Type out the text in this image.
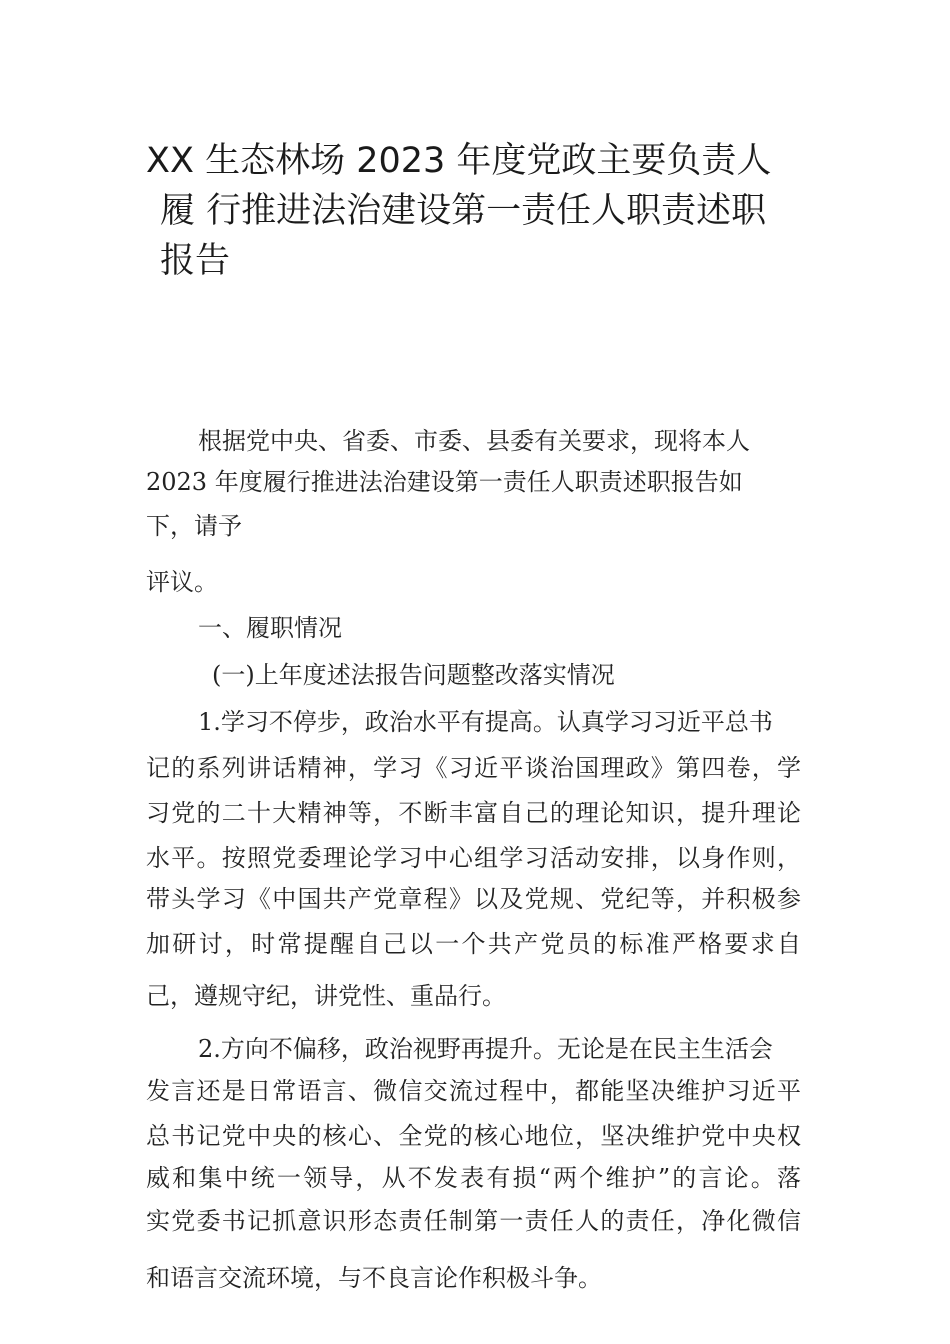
XX 生态林场 2023 年度党政主要负责人
履 行推进法治建设第一责任人职责述职
报告

根据党中央、省委、市委、县委有关要求，现将本人

2023 年度履行推进法治建设第一责任人职责述职报告如

下，请予

评议。

一、履职情况

(一)上年度述法报告问题整改落实情况

1.学习不停步，政治水平有提高。认真学习习近平总书

记的系列讲话精神，学习《习近平谈治国理政》第四卷，学

习党的二十大精神等，不断丰富自己的理论知识，提升理论

水平。按照党委理论学习中心组学习活动安排，以身作则，

带头学习《中国共产党章程》以及党规、党纪等，并积极参

加研讨，时常提醒自己以一个共产党员的标准严格要求自

己，遵规守纪，讲党性、重品行。

2.方向不偏移，政治视野再提升。无论是在民主生活会

发言还是日常语言、微信交流过程中，都能坚决维护习近平

总书记党中央的核心、全党的核心地位，坚决维护党中央权

威和集中统一领导，从不发表有损“两个维护”的言论。落

实党委书记抓意识形态责任制第一责任人的责任，净化微信

和语言交流环境，与不良言论作积极斗争。
